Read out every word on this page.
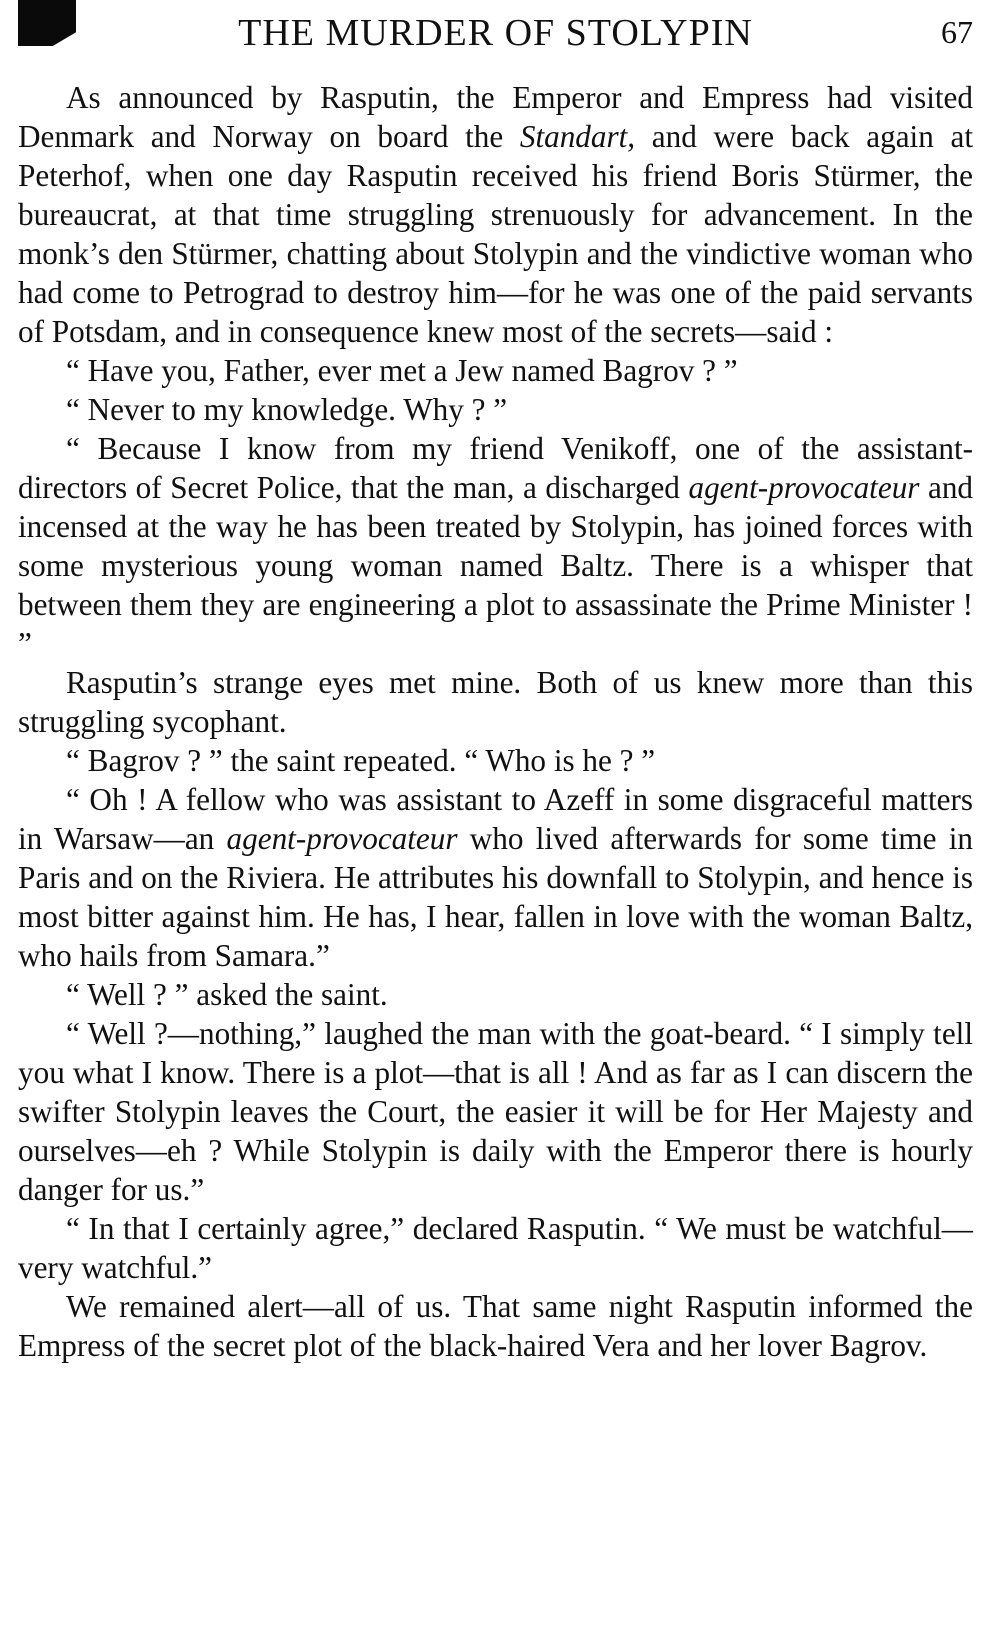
THE MURDER OF STOLYPIN	67

As announced by Rasputin, the Emperor and Empress had visited Denmark and Norway on board the Standart, and were back again at Peterhof, when one day Rasputin received his friend Boris Stürmer, the bureaucrat, at that time struggling strenuously for advancement. In the monk’s den Stürmer, chatting about Stolypin and the vindictive woman who had come to Petrograd to destroy him—for he was one of the paid servants of Potsdam, and in consequence knew most of the secrets—said :

“ Have you, Father, ever met a Jew named Bagrov ? ”

“ Never to my knowledge. Why ? ”

“ Because I know from my friend Venikoff, one of the assistant-directors of Secret Police, that the man, a discharged agent-provocateur and incensed at the way he has been treated by Stolypin, has joined forces with some mysterious young woman named Baltz. There is a whisper that between them they are engineering a plot to assassinate the Prime Minister ! ”

Rasputin’s strange eyes met mine. Both of us knew more than this struggling sycophant.

“ Bagrov ? ” the saint repeated. “ Who is he ? ”

“ Oh ! A fellow who was assistant to Azeff in some disgraceful matters in Warsaw—an agent-provocateur who lived afterwards for some time in Paris and on the Riviera. He attributes his downfall to Stolypin, and hence is most bitter against him. He has, I hear, fallen in love with the woman Baltz, who hails from Samara.”

“ Well ? ” asked the saint.

“ Well ?—nothing,” laughed the man with the goat-beard. “ I simply tell you what I know. There is a plot—that is all ! And as far as I can discern the swifter Stolypin leaves the Court, the easier it will be for Her Majesty and ourselves—eh ? While Stolypin is daily with the Emperor there is hourly danger for us.”

“ In that I certainly agree,” declared Rasputin. “ We must be watchful—very watchful.”

We remained alert—all of us. That same night Rasputin informed the Empress of the secret plot of the black-haired Vera and her lover Bagrov.
